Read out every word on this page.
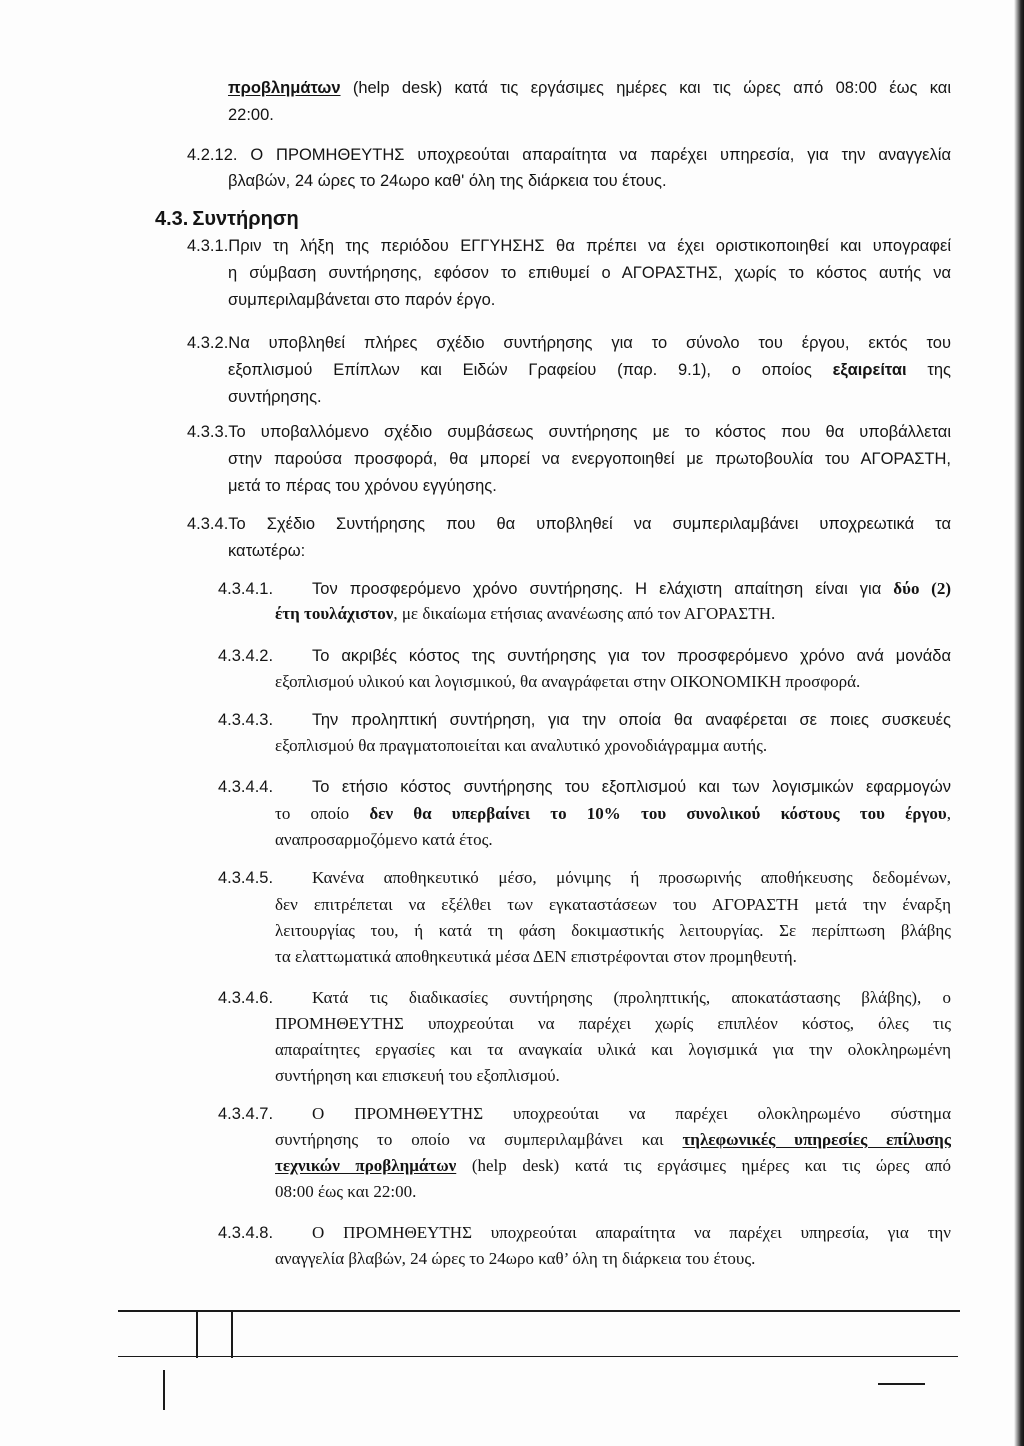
προβλημάτων (help desk) κατά τις εργάσιμες ημέρες και τις ώρες από 08:00 έως και
22:00.
4.2.12. Ο ΠΡΟΜΗΘΕΥΤΗΣ υποχρεούται απαραίτητα να παρέχει υπηρεσία, για την αναγγελία
βλαβών, 24 ώρες το 24ωρο καθ' όλη της διάρκεια του έτους.
4.3. Συντήρηση
4.3.1.Πριν τη λήξη της περιόδου ΕΓΓΥΗΣΗΣ θα πρέπει να έχει οριστικοποιηθεί και υπογραφεί
η σύμβαση συντήρησης, εφόσον το επιθυμεί ο ΑΓΟΡΑΣΤΗΣ, χωρίς το κόστος αυτής να
συμπεριλαμβάνεται στο παρόν έργο.
4.3.2.Να υποβληθεί πλήρες σχέδιο συντήρησης για το σύνολο του έργου, εκτός του
εξοπλισμού Επίπλων και Ειδών Γραφείου (παρ. 9.1), ο οποίος εξαιρείται της
συντήρησης.
4.3.3.Το υποβαλλόμενο σχέδιο συμβάσεως συντήρησης με το κόστος που θα υποβάλλεται
στην παρούσα προσφορά, θα μπορεί να ενεργοποιηθεί με πρωτοβουλία του ΑΓΟΡΑΣΤΗ,
μετά το πέρας του χρόνου εγγύησης.
4.3.4.Το Σχέδιο Συντήρησης που θα υποβληθεί να συμπεριλαμβάνει υποχρεωτικά τα
κατωτέρω:
4.3.4.1. Τον προσφερόμενο χρόνο συντήρησης. Η ελάχιστη απαίτηση είναι για δύο (2)
έτη τουλάχιστον, με δικαίωμα ετήσιας ανανέωσης από τον ΑΓΟΡΑΣΤΗ.
4.3.4.2. Το ακριβές κόστος της συντήρησης για τον προσφερόμενο χρόνο ανά μονάδα
εξοπλισμού υλικού και λογισμικού, θα αναγράφεται στην ΟΙΚΟΝΟΜΙΚΗ προσφορά.
4.3.4.3. Την προληπτική συντήρηση, για την οποία θα αναφέρεται σε ποιες συσκευές
εξοπλισμού θα πραγματοποιείται και αναλυτικό χρονοδιάγραμμα αυτής.
4.3.4.4. Το ετήσιο κόστος συντήρησης του εξοπλισμού και των λογισμικών εφαρμογών
το οποίο δεν θα υπερβαίνει το 10% του συνολικού κόστους του έργου,
αναπροσαρμοζόμενο κατά έτος.
4.3.4.5. Κανένα αποθηκευτικό μέσο, μόνιμης ή προσωρινής αποθήκευσης δεδομένων,
δεν επιτρέπεται να εξέλθει των εγκαταστάσεων του ΑΓΟΡΑΣΤΗ μετά την έναρξη
λειτουργίας του, ή κατά τη φάση δοκιμαστικής λειτουργίας. Σε περίπτωση βλάβης
τα ελαττωματικά αποθηκευτικά μέσα ΔΕΝ επιστρέφονται στον προμηθευτή.
4.3.4.6. Κατά τις διαδικασίες συντήρησης (προληπτικής, αποκατάστασης βλάβης), ο
ΠΡΟΜΗΘΕΥΤΗΣ υποχρεούται να παρέχει χωρίς επιπλέον κόστος, όλες τις
απαραίτητες εργασίες και τα αναγκαία υλικά και λογισμικά για την ολοκληρωμένη
συντήρηση και επισκευή του εξοπλισμού.
4.3.4.7. Ο ΠΡΟΜΗΘΕΥΤΗΣ υποχρεούται να παρέχει ολοκληρωμένο σύστημα
συντήρησης το οποίο να συμπεριλαμβάνει και τηλεφωνικές υπηρεσίες επίλυσης
τεχνικών προβλημάτων (help desk) κατά τις εργάσιμες ημέρες και τις ώρες από
08:00 έως και 22:00.
4.3.4.8. Ο ΠΡΟΜΗΘΕΥΤΗΣ υποχρεούται απαραίτητα να παρέχει υπηρεσία, για την
αναγγελία βλαβών, 24 ώρες το 24ωρο καθ’ όλη τη διάρκεια του έτους.
